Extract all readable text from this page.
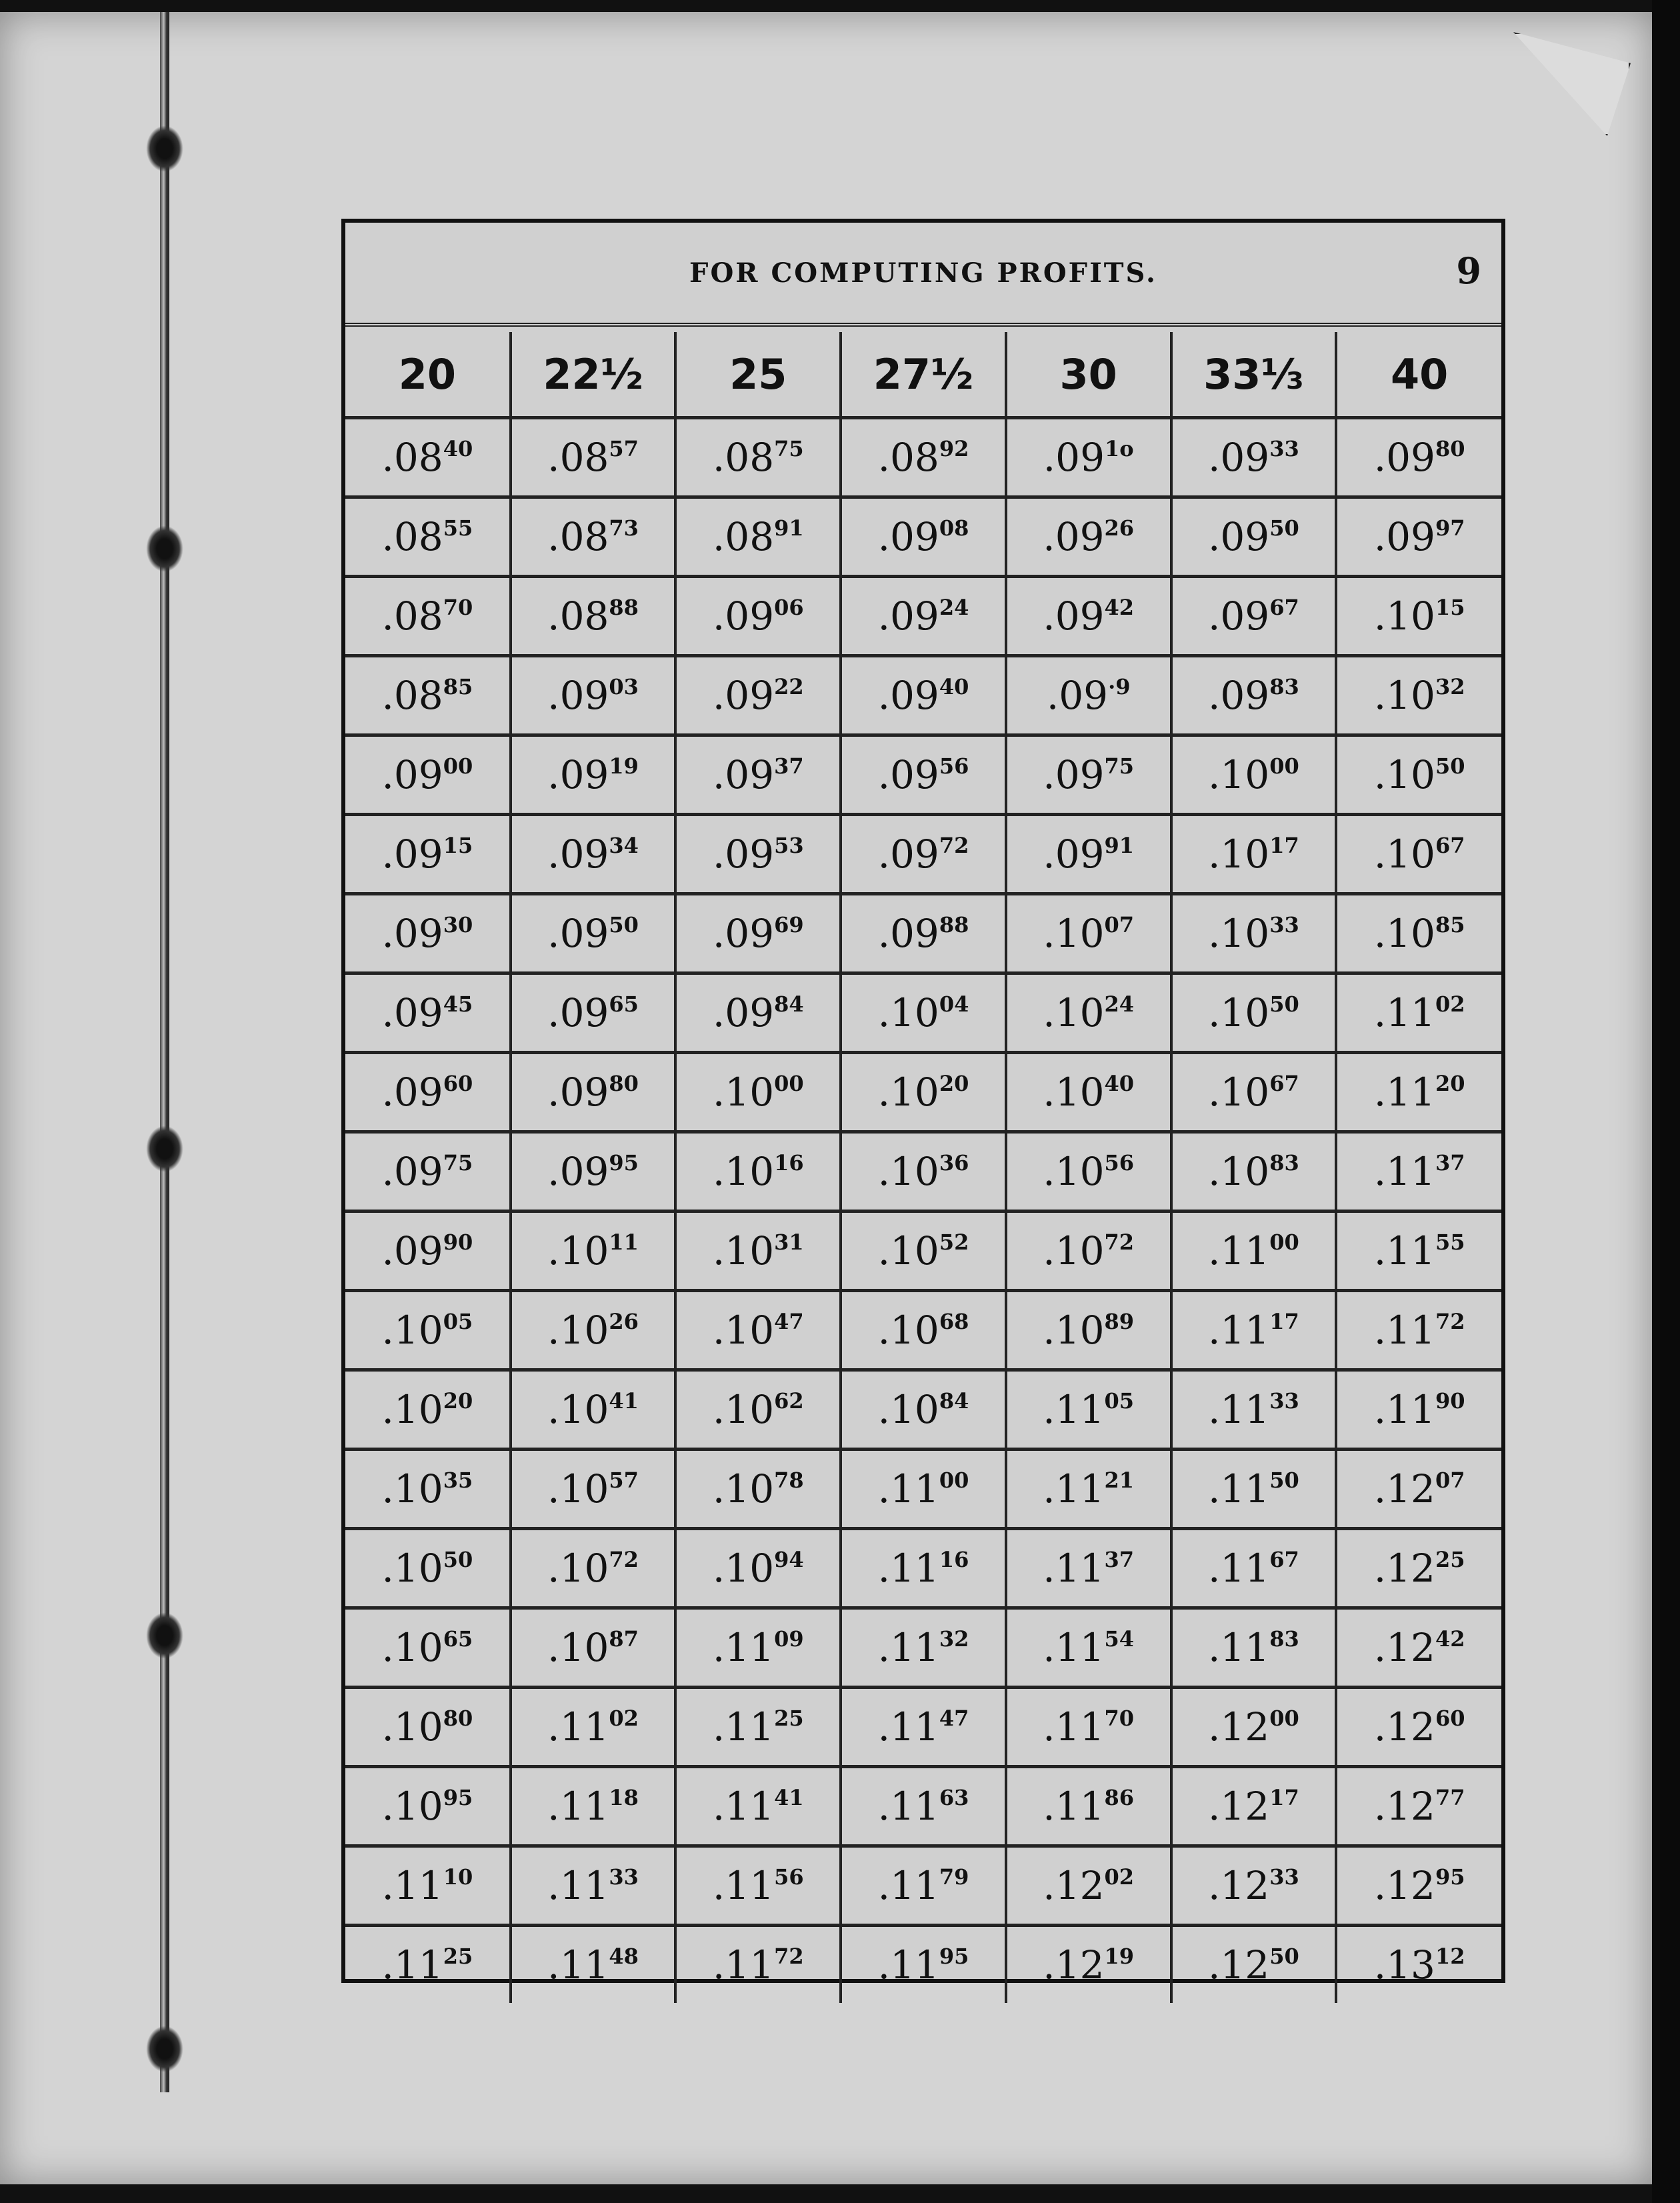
FOR COMPUTING PROFITS.	9
20	22½	25	27½	30	33⅓	40
$.08^{40}$	$.08^{57}$	$.08^{75}$	$.08^{92}$	$.09^{1o}$	$.09^{33}$	$.09^{80}$
$.08^{55}$	$.08^{73}$	$.08^{91}$	$.09^{08}$	$.09^{26}$	$.09^{50}$	$.09^{97}$
$.08^{70}$	$.08^{88}$	$.09^{06}$	$.09^{24}$	$.09^{42}$	$.09^{67}$	$.10^{15}$
$.08^{85}$	$.09^{03}$	$.09^{22}$	$.09^{40}$	$.09^{\cdot 9}$	$.09^{83}$	$.10^{32}$
$.09^{00}$	$.09^{19}$	$.09^{37}$	$.09^{56}$	$.09^{75}$	$.10^{00}$	$.10^{50}$
$.09^{15}$	$.09^{34}$	$.09^{53}$	$.09^{72}$	$.09^{91}$	$.10^{17}$	$.10^{67}$
$.09^{30}$	$.09^{50}$	$.09^{69}$	$.09^{88}$	$.10^{07}$	$.10^{33}$	$.10^{85}$
$.09^{45}$	$.09^{65}$	$.09^{84}$	$.10^{04}$	$.10^{24}$	$.10^{50}$	$.11^{02}$
$.09^{60}$	$.09^{80}$	$.10^{00}$	$.10^{20}$	$.10^{40}$	$.10^{67}$	$.11^{20}$
$.09^{75}$	$.09^{95}$	$.10^{16}$	$.10^{36}$	$.10^{56}$	$.10^{83}$	$.11^{37}$
$.09^{90}$	$.10^{11}$	$.10^{31}$	$.10^{52}$	$.10^{72}$	$.11^{00}$	$.11^{55}$
$.10^{05}$	$.10^{26}$	$.10^{47}$	$.10^{68}$	$.10^{89}$	$.11^{17}$	$.11^{72}$
$.10^{20}$	$.10^{41}$	$.10^{62}$	$.10^{84}$	$.11^{05}$	$.11^{33}$	$.11^{90}$
$.10^{35}$	$.10^{57}$	$.10^{78}$	$.11^{00}$	$.11^{21}$	$.11^{50}$	$.12^{07}$
$.10^{50}$	$.10^{72}$	$.10^{94}$	$.11^{16}$	$.11^{37}$	$.11^{67}$	$.12^{25}$
$.10^{65}$	$.10^{87}$	$.11^{09}$	$.11^{32}$	$.11^{54}$	$.11^{83}$	$.12^{42}$
$.10^{80}$	$.11^{02}$	$.11^{25}$	$.11^{47}$	$.11^{70}$	$.12^{00}$	$.12^{60}$
$.10^{95}$	$.11^{18}$	$.11^{41}$	$.11^{63}$	$.11^{86}$	$.12^{17}$	$.12^{77}$
$.11^{10}$	$.11^{33}$	$.11^{56}$	$.11^{79}$	$.12^{02}$	$.12^{33}$	$.12^{95}$
$.11^{25}$	$.11^{48}$	$.11^{72}$	$.11^{95}$	$.12^{19}$	$.12^{50}$	$.13^{12}$
